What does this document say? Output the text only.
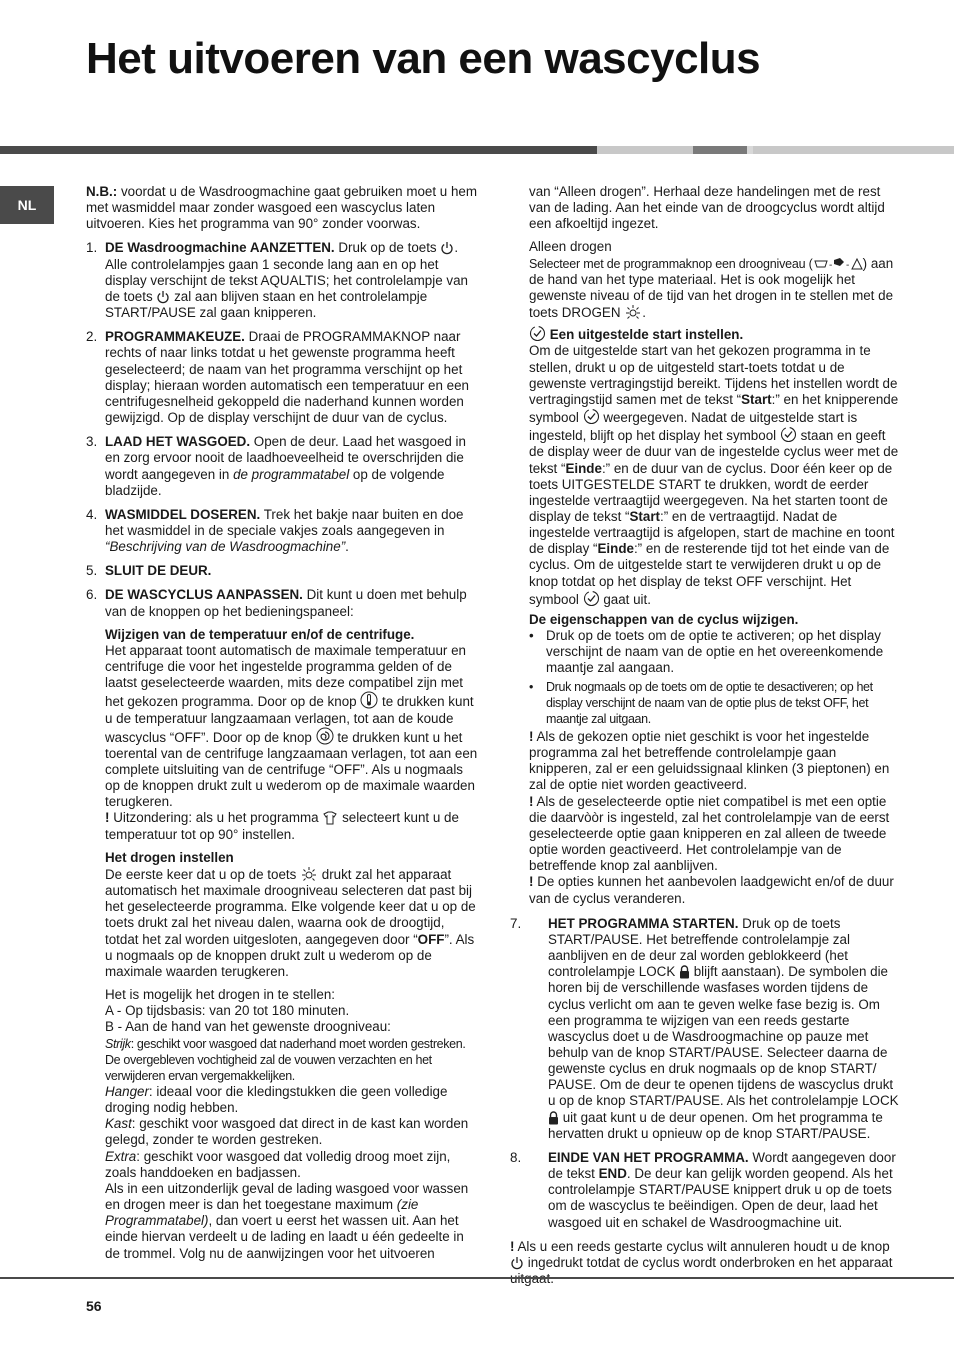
Het uitvoeren van een wascyclus
NL

N.B.: voordat u de Wasdroogmachine gaat gebruiken moet u hem met wasmiddel maar zonder wasgoed een wascyclus laten uitvoeren. Kies het programma van 90° zonder voorwas.

1. DE Wasdroogmachine AANZETTEN. Druk op de toets . Alle controlelampjes gaan 1 seconde lang aan en op het display verschijnt de tekst AQUALTIS; het controlelampje van de toets  zal aan blijven staan en het controlelampje START/PAUSE zal gaan knipperen.
2. PROGRAMMAKEUZE. Draai de PROGRAMMAKNOP naar rechts of naar links totdat u het gewenste programma heeft geselecteerd; de naam van het programma verschijnt op het display; hieraan worden automatisch een temperatuur en een centrifugesnelheid gekoppeld die naderhand kunnen worden gewijzigd. Op de display verschijnt de duur van de cyclus.
3. LAAD HET WASGOED. Open de deur. Laad het wasgoed in en zorg ervoor nooit de laadhoeveelheid te overschrijden die wordt aangegeven in de programmatabel op de volgende bladzijde.
4. WASMIDDEL DOSEREN. Trek het bakje naar buiten en doe het wasmiddel in de speciale vakjes zoals aangegeven in “Beschrijving van de Wasdroogmachine”.
5. SLUIT DE DEUR.
6. DE WASCYCLUS AANPASSEN. Dit kunt u doen met behulp van de knoppen op het bedieningspaneel:
Wijzigen van de temperatuur en/of de centrifuge.
Het apparaat toont automatisch de maximale temperatuur en centrifuge die voor het ingestelde programma gelden of de laatst geselecteerde waarden, mits deze compatibel zijn met het gekozen programma. Door op de knop  te drukken kunt u de temperatuur langzaamaan verlagen, tot aan de koude wascyclus “OFF”. Door op de knop  te drukken kunt u het toerental van de centrifuge langzaamaan verlagen, tot aan een complete uitsluiting van de centrifuge “OFF”. Als u nogmaals op de knoppen drukt zult u wederom op de maximale waarden terugkeren.
! Uitzondering: als u het programma  selecteert kunt u de temperatuur tot op 90° instellen.
Het drogen instellen
De eerste keer dat u op de toets  drukt zal het apparaat automatisch het maximale droogniveau selecteren dat past bij het geselecteerde programma. Elke volgende keer dat u op de toets drukt zal het niveau dalen, waarna ook de droogtijd, totdat het zal worden uitgesloten, aangegeven door “OFF”. Als u nogmaals op de knoppen drukt zult u wederom op de maximale waarden terugkeren.
Het is mogelijk het drogen in te stellen:
A - Op tijdsbasis: van 20 tot 180 minuten.
B - Aan de hand van het gewenste droogniveau:
Strijk: geschikt voor wasgoed dat naderhand moet worden gestreken. De overgebleven vochtigheid zal de vouwen verzachten en het verwijderen ervan vergemakkelijken.
Hanger: ideaal voor die kledingstukken die geen volledige droging nodig hebben.
Kast: geschikt voor wasgoed dat direct in de kast kan worden gelegd, zonder te worden gestreken.
Extra: geschikt voor wasgoed dat volledig droog moet zijn, zoals handdoeken en badjassen.
Als in een uitzonderlijk geval de lading wasgoed voor wassen en drogen meer is dan het toegestane maximum (zie Programmatabel), dan voert u eerst het wassen uit. Aan het einde hiervan verdeelt u de lading en laadt u één gedeelte in de trommel. Volg nu de aanwijzingen voor het uitvoeren

van “Alleen drogen”. Herhaal deze handelingen met de rest van de lading. Aan het einde van de droogcyclus wordt altijd een afkoeltijd ingezet.

Alleen drogen
Selecteer met de programmaknop een droogniveau ( - - ) aan de hand van het type materiaal. Het is ook mogelijk het gewenste niveau of de tijd van het drogen in te stellen met de toets DROGEN .
Een uitgestelde start instellen.
Om de uitgestelde start van het gekozen programma in te stellen, drukt u op de uitgesteld start-toets totdat u de gewenste vertragingstijd bereikt. Tijdens het instellen wordt de vertragingstijd samen met de tekst “Start:” en het knipperende symbool  weergegeven. Nadat de uitgestelde start is ingesteld, blijft op het display het symbool  staan en geeft de display weer de duur van de ingestelde cyclus weer met de tekst “Einde:” en de duur van de cyclus. Door één keer op de toets UITGESTELDE START te drukken, wordt de eerder ingestelde vertraagtijd weergegeven. Na het starten toont de display de tekst “Start:” en de vertraagtijd. Nadat de ingestelde vertraagtijd is afgelopen, start de machine en toont de display “Einde:” en de resterende tijd tot het einde van de cyclus. Om de uitgestelde start te verwijderen drukt u op de knop totdat op het display de tekst OFF verschijnt. Het symbool  gaat uit.
De eigenschappen van de cyclus wijzigen.
• Druk op de toets om de optie te activeren; op het display verschijnt de naam van de optie en het overeenkomende maantje zal aangaan.
• Druk nogmaals op de toets om de optie te desactiveren; op het display verschijnt de naam van de optie plus de tekst OFF, het maantje zal uitgaan.

! Als de gekozen optie niet geschikt is voor het ingestelde programma zal het betreffende controlelampje gaan knipperen, zal er een geluidssignaal klinken (3 pieptonen) en zal de optie niet worden geactiveerd.

! Als de geselecteerde optie niet compatibel is met een optie die daarvòòr is ingesteld, zal het controlelampje van de eerst geselecteerde optie gaan knipperen en zal alleen de tweede optie worden geactiveerd. Het controlelampje van de betreffende knop zal aanblijven.

! De opties kunnen het aanbevolen laadgewicht en/of de duur van de cyclus veranderen.

7. HET PROGRAMMA STARTEN. Druk op de toets START/PAUSE. Het betreffende controlelampje zal aanblijven en de deur zal worden geblokkeerd (het controlelampje LOCK  blijft aanstaan). De symbolen die horen bij de verschillende wasfases worden tijdens de cyclus verlicht om aan te geven welke fase bezig is. Om een programma te wijzigen van een reeds gestarte wascyclus doet u de Wasdroogmachine op pauze met behulp van de knop START/PAUSE. Selecteer daarna de gewenste cyclus en druk nogmaals op de knop START/ PAUSE. Om de deur te openen tijdens de wascyclus drukt u op de knop START/PAUSE. Als het controlelampje LOCK  uit gaat kunt u de deur openen. Om het programma te hervatten drukt u opnieuw op de knop START/PAUSE.
8. EINDE VAN HET PROGRAMMA. Wordt aangegeven door de tekst END. De deur kan gelijk worden geopend. Als het controlelampje START/PAUSE knippert druk u op de toets om de wascyclus te beëindigen. Open de deur, laad het wasgoed uit en schakel de Wasdroogmachine uit.

! Als u een reeds gestarte cyclus wilt annuleren houdt u de knop  ingedrukt totdat de cyclus wordt onderbroken en het apparaat

56
